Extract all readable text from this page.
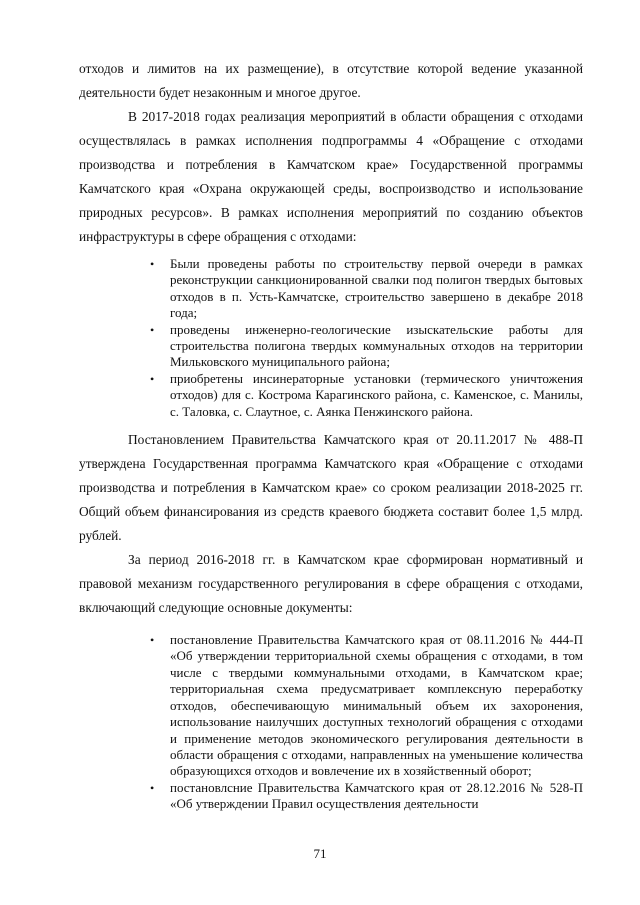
отходов и лимитов на их размещение), в отсутствие которой ведение указанной деятельности будет незаконным и многое другое.

В 2017-2018 годах реализация мероприятий в области обращения с отходами осуществлялась в рамках исполнения подпрограммы 4 «Обращение с отходами производства и потребления в Камчатском крае» Государственной программы Камчатского края «Охрана окружающей среды, воспроизводство и использование природных ресурсов». В рамках исполнения мероприятий по созданию объектов инфраструктуры в сфере обращения с отходами:

• Были проведены работы по строительству первой очереди в рамках реконструкции санкционированной свалки под полигон твердых бытовых отходов в п. Усть-Камчатске, строительство завершено в декабре 2018 года;
• проведены инженерно-геологические изыскательские работы для строительства полигона твердых коммунальных отходов на территории Мильковского муниципального района;
• приобретены инсинераторные установки (термического уничтожения отходов) для с. Кострома Карагинского района, с. Каменское, с. Манилы, с. Таловка, с. Слаутное, с. Аянка Пенжинского района.

Постановлением Правительства Камчатского края от 20.11.2017 № 488-П утверждена Государственная программа Камчатского края «Обращение с отходами производства и потребления в Камчатском крае» со сроком реализации 2018-2025 гг. Общий объем финансирования из средств краевого бюджета составит более 1,5 млрд. рублей.

За период 2016-2018 гг. в Камчатском крае сформирован нормативный и правовой механизм государственного регулирования в сфере обращения с отходами, включающий следующие основные документы:

• постановление Правительства Камчатского края от 08.11.2016 № 444-П «Об утверждении территориальной схемы обращения с отходами, в том числе с твердыми коммунальными отходами, в Камчатском крае; территориальная схема предусматривает комплексную переработку отходов, обеспечивающую минимальный объем их захоронения, использование наилучших доступных технологий обращения с отходами и применение методов экономического регулирования деятельности в области обращения с отходами, направленных на уменьшение количества образующихся отходов и вовлечение их в хозяйственный оборот;
• постановлсние Правительства Камчатского края от 28.12.2016 № 528-П «Об утверждении Правил осуществления деятельности
71
